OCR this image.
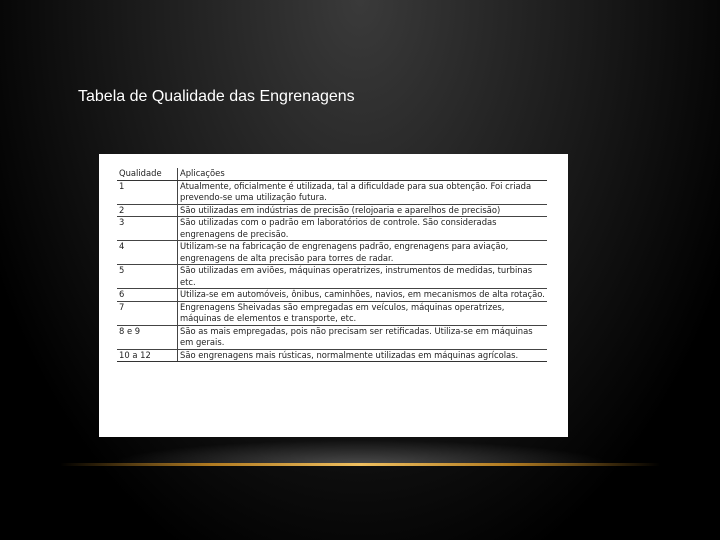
Tabela de Qualidade das Engrenagens
Qualidade	Aplicações
1	Atualmente, oficialmente é utilizada, tal a dificuldade para sua obtenção. Foi criada prevendo-se uma utilização futura.
2	São utilizadas em indústrias de precisão (relojoaria e aparelhos de precisão)
3	São utilizadas com o padrão em laboratórios de controle. São consideradas engrenagens de precisão.
4	Utilizam-se na fabricação de engrenagens padrão, engrenagens para aviação, engrenagens de alta precisão para torres de radar.
5	São utilizadas em aviões, máquinas operatrizes, instrumentos de medidas, turbinas etc.
6	Utiliza-se em automóveis, ônibus, caminhões, navios, em mecanismos de alta rotação.
7	Engrenagens Sheivadas são empregadas em veículos, máquinas operatrizes, máquinas de elementos e transporte, etc.
8 e 9	São as mais empregadas, pois não precisam ser retificadas. Utiliza-se em máquinas em gerais.
10 a 12	São engrenagens mais rústicas, normalmente utilizadas em máquinas agrícolas.
